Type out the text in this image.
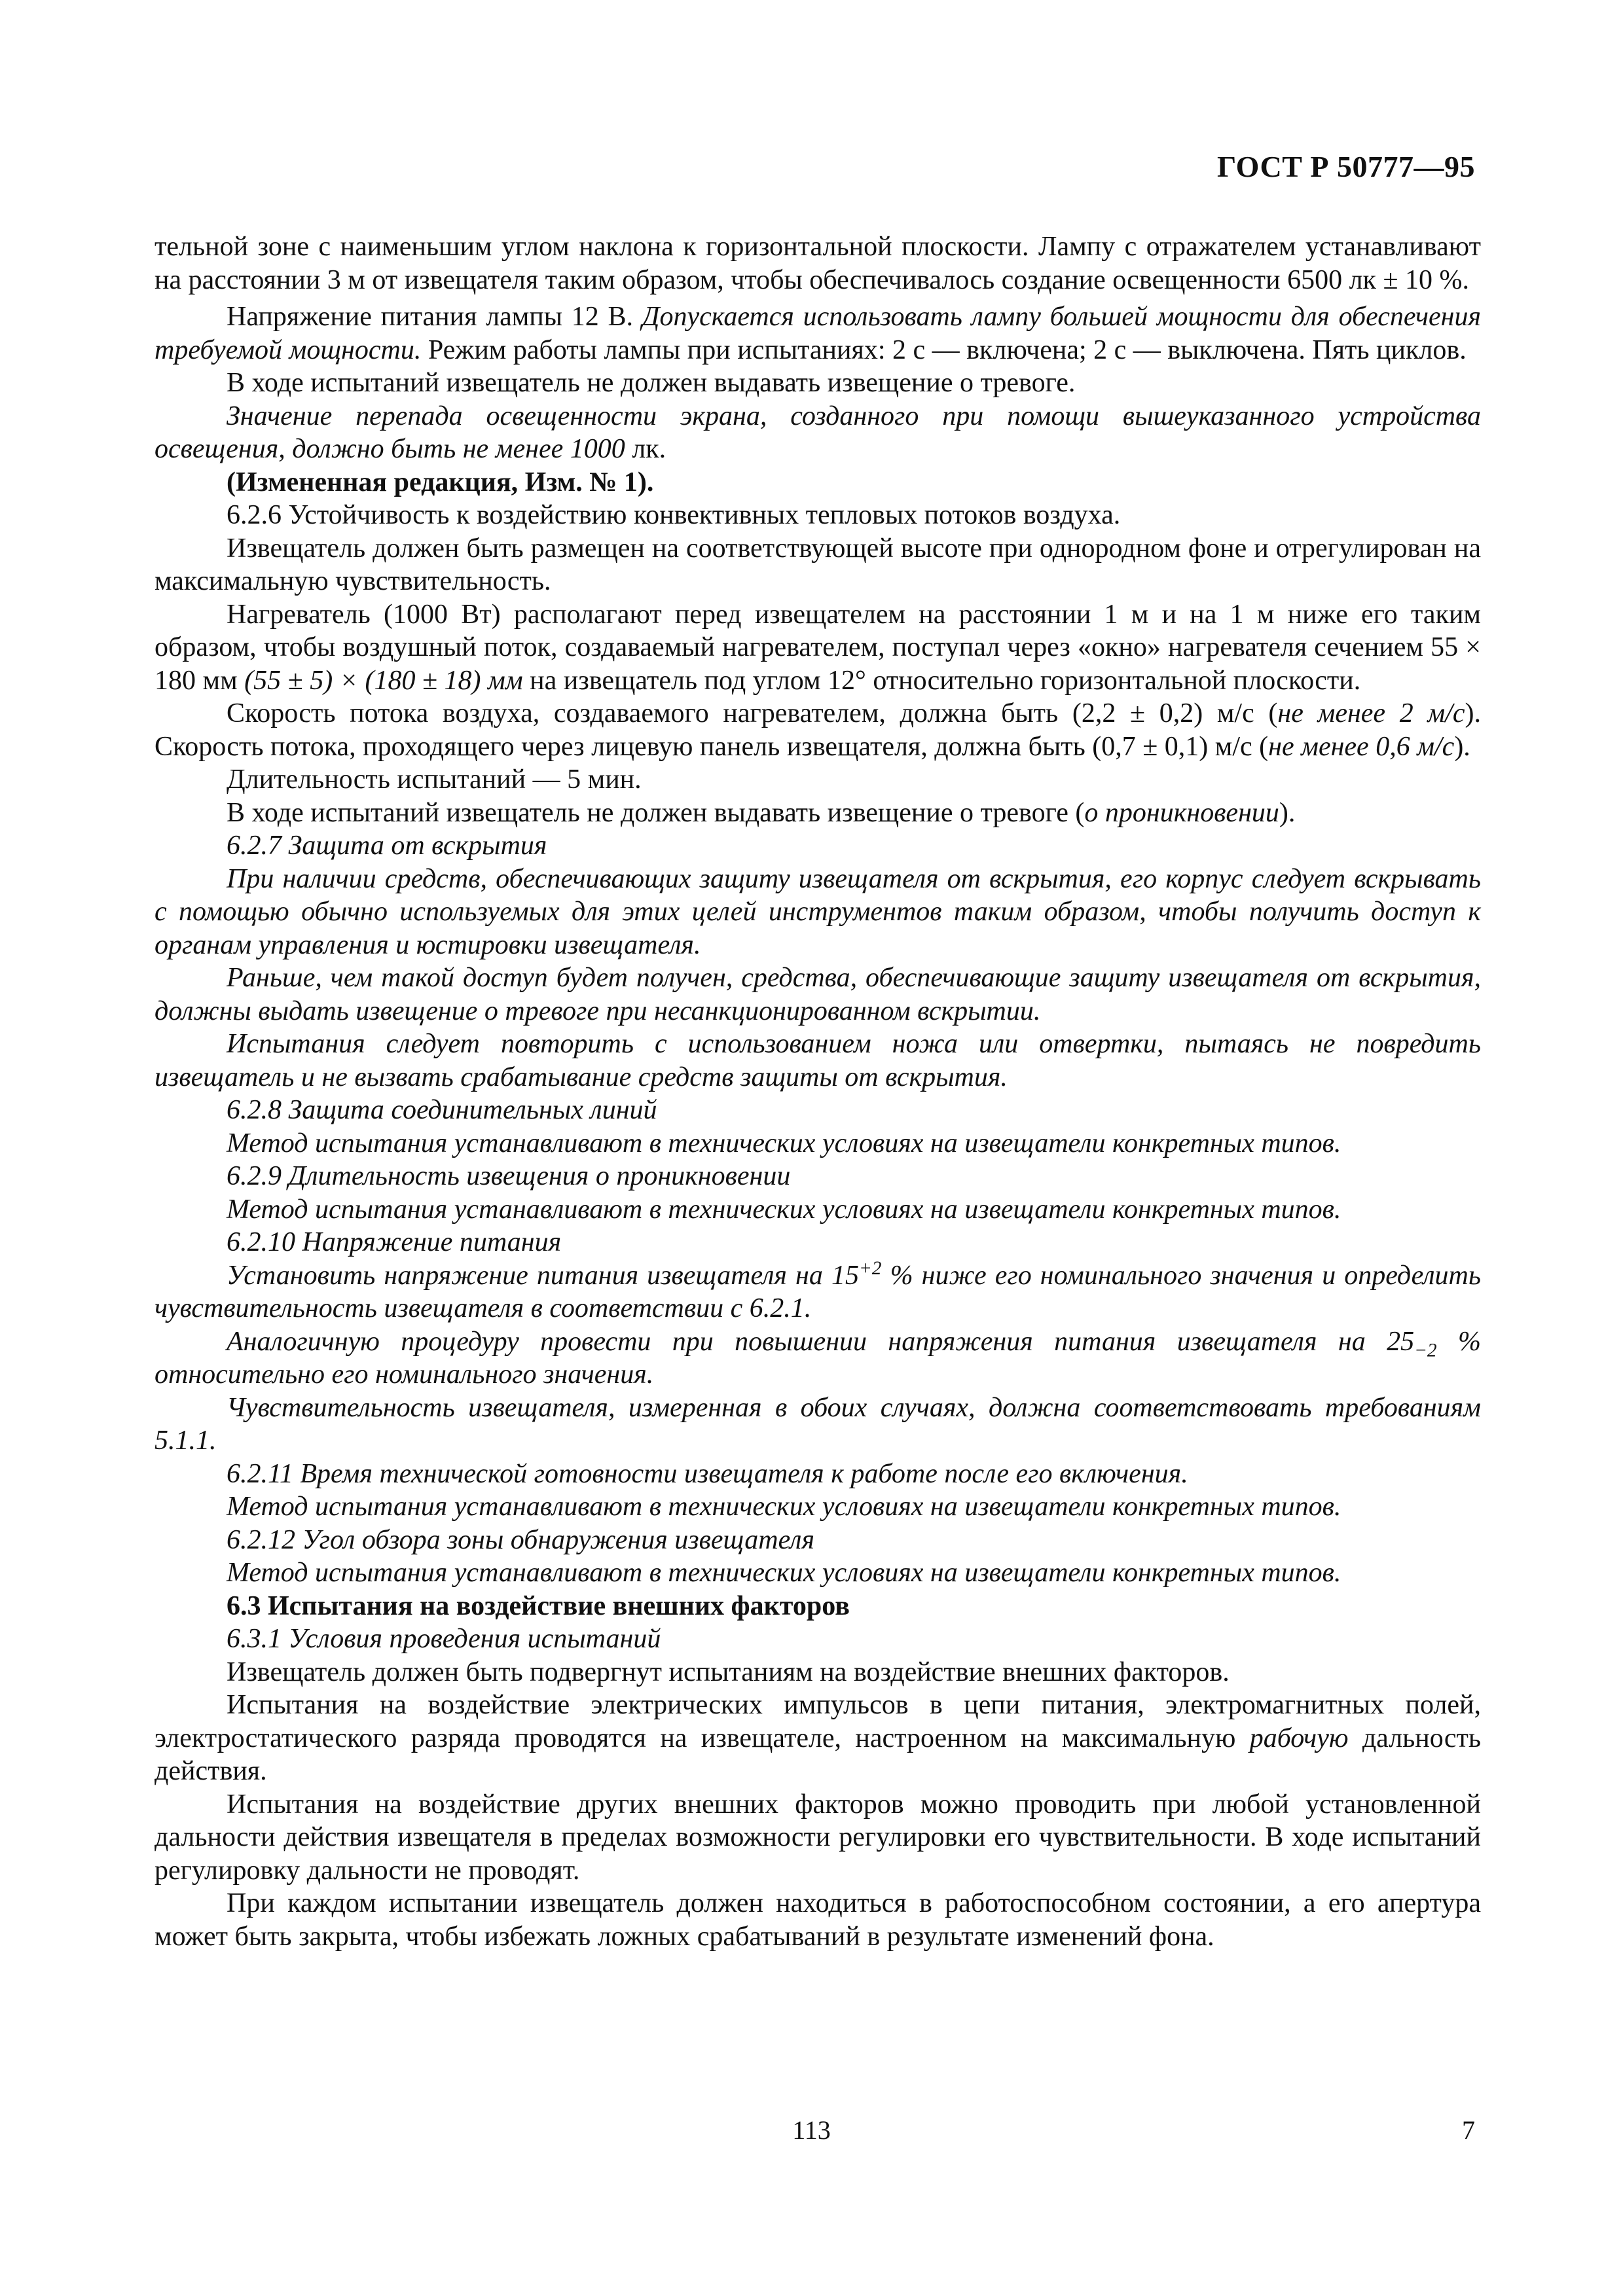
ГОСТ Р 50777—95

тельной зоне с наименьшим углом наклона к горизонтальной плоскости. Лампу с отражателем устанавливают на расстоянии 3 м от извещателя таким образом, чтобы обеспечивалось создание освещенности 6500 лк ± 10 %.

Напряжение питания лампы 12 В. Допускается использовать лампу большей мощности для обеспечения требуемой мощности. Режим работы лампы при испытаниях: 2 с — включена; 2 с — выключена. Пять циклов.

В ходе испытаний извещатель не должен выдавать извещение о тревоге.

Значение перепада освещенности экрана, созданного при помощи вышеуказанного устройства освещения, должно быть не менее 1000 лк.

(Измененная редакция, Изм. № 1).

6.2.6 Устойчивость к воздействию конвективных тепловых потоков воздуха.

Извещатель должен быть размещен на соответствующей высоте при однородном фоне и отрегулирован на максимальную чувствительность.

Нагреватель (1000 Вт) располагают перед извещателем на расстоянии 1 м и на 1 м ниже его таким образом, чтобы воздушный поток, создаваемый нагревателем, поступал через «окно» нагревателя сечением 55 × 180 мм (55 ± 5) × (180 ± 18) мм на извещатель под углом 12° относительно горизонтальной плоскости.

Скорость потока воздуха, создаваемого нагревателем, должна быть (2,2 ± 0,2) м/с (не менее 2 м/с). Скорость потока, проходящего через лицевую панель извещателя, должна быть (0,7 ± 0,1) м/с (не менее 0,6 м/с).

Длительность испытаний — 5 мин.

В ходе испытаний извещатель не должен выдавать извещение о тревоге (о проникновении).

6.2.7 Защита от вскрытия

При наличии средств, обеспечивающих защиту извещателя от вскрытия, его корпус следует вскрывать с помощью обычно используемых для этих целей инструментов таким образом, чтобы получить доступ к органам управления и юстировки извещателя.

Раньше, чем такой доступ будет получен, средства, обеспечивающие защиту извещателя от вскрытия, должны выдать извещение о тревоге при несанкционированном вскрытии.

Испытания следует повторить с использованием ножа или отвертки, пытаясь не повредить извещатель и не вызвать срабатывание средств защиты от вскрытия.

6.2.8 Защита соединительных линий

Метод испытания устанавливают в технических условиях на извещатели конкретных типов.

6.2.9 Длительность извещения о проникновении

Метод испытания устанавливают в технических условиях на извещатели конкретных типов.

6.2.10 Напряжение питания

Установить напряжение питания извещателя на $15^{+2}$ % ниже его номинального значения и определить чувствительность извещателя в соответствии с 6.2.1.

Аналогичную процедуру провести при повышении напряжения питания извещателя на $25_{-2}$ % относительно его номинального значения.

Чувствительность извещателя, измеренная в обоих случаях, должна соответствовать требованиям 5.1.1.

6.2.11 Время технической готовности извещателя к работе после его включения.

Метод испытания устанавливают в технических условиях на извещатели конкретных типов.

6.2.12 Угол обзора зоны обнаружения извещателя

Метод испытания устанавливают в технических условиях на извещатели конкретных типов.

6.3 Испытания на воздействие внешних факторов

6.3.1 Условия проведения испытаний

Извещатель должен быть подвергнут испытаниям на воздействие внешних факторов.

Испытания на воздействие электрических импульсов в цепи питания, электромагнитных полей, электростатического разряда проводятся на извещателе, настроенном на максимальную рабочую дальность действия.

Испытания на воздействие других внешних факторов можно проводить при любой установленной дальности действия извещателя в пределах возможности регулировки его чувствительности. В ходе испытаний регулировку дальности не проводят.

При каждом испытании извещатель должен находиться в работоспособном состоянии, а его апертура может быть закрыта, чтобы избежать ложных срабатываний в результате изменений фона.

113	7
